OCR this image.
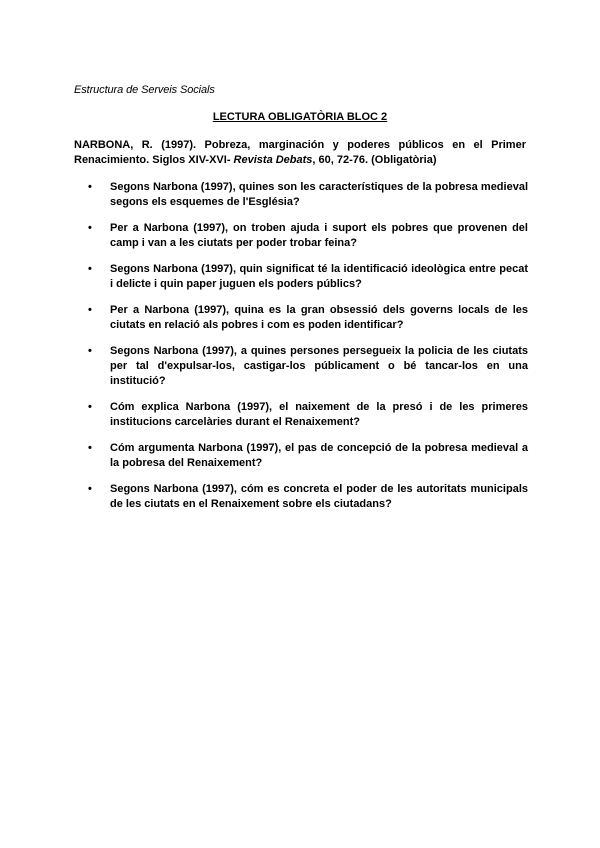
Estructura de Serveis Socials
LECTURA OBLIGATÒRIA BLOC 2
NARBONA, R. (1997). Pobreza, marginación y poderes públicos en el Primer Renacimiento. Siglos XIV-XVI- Revista Debats, 60, 72-76. (Obligatòria)
• Segons Narbona (1997), quines son les característiques de la pobresa medieval segons els esquemes de l'Església?
• Per a Narbona (1997), on troben ajuda i suport els pobres que provenen del camp i van a les ciutats per poder trobar feina?
• Segons Narbona (1997), quin significat té la identificació ideològica entre pecat i delicte i quin paper juguen els poders públics?
• Per a Narbona (1997), quina es la gran obsessió dels governs locals de les ciutats en relació als pobres i com es poden identificar?
• Segons Narbona (1997), a quines persones persegueix la policia de les ciutats per tal d'expulsar-los, castigar-los públicament o bé tancar-los en una institució?
• Cóm explica Narbona (1997), el naixement de la presó i de les primeres institucions carcelàries durant el Renaixement?
• Cóm argumenta Narbona (1997), el pas de concepció de la pobresa medieval a la pobresa del Renaixement?
• Segons Narbona (1997), cóm es concreta el poder de les autoritats municipals de les ciutats en el Renaixement sobre els ciutadans?
